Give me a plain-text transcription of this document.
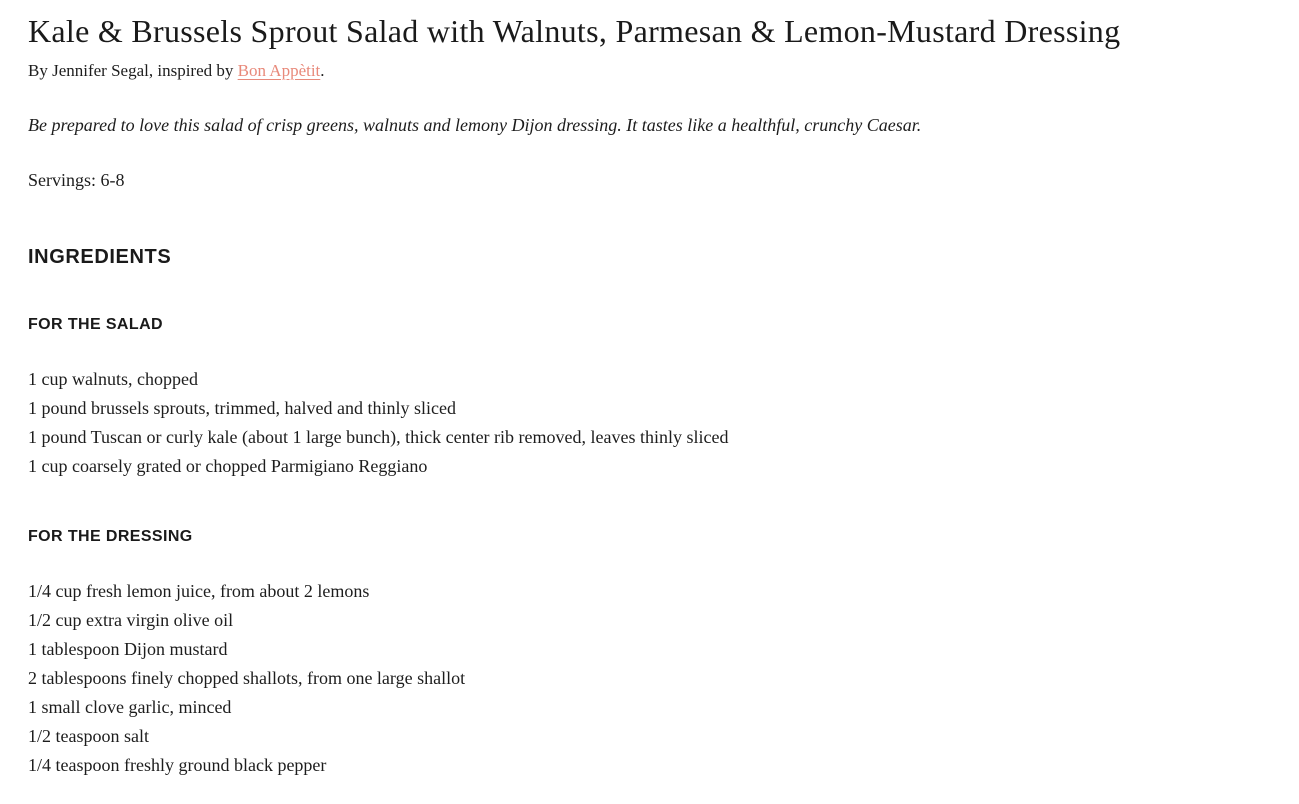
Kale & Brussels Sprout Salad with Walnuts, Parmesan & Lemon-Mustard Dressing

By Jennifer Segal, inspired by Bon Appètit.

Be prepared to love this salad of crisp greens, walnuts and lemony Dijon dressing. It tastes like a healthful, crunchy Caesar.

Servings: 6-8

INGREDIENTS
FOR THE SALAD
1 cup walnuts, chopped
1 pound brussels sprouts, trimmed, halved and thinly sliced
1 pound Tuscan or curly kale (about 1 large bunch), thick center rib removed, leaves thinly sliced
1 cup coarsely grated or chopped Parmigiano Reggiano
FOR THE DRESSING
1/4 cup fresh lemon juice, from about 2 lemons
1/2 cup extra virgin olive oil
1 tablespoon Dijon mustard
2 tablespoons finely chopped shallots, from one large shallot
1 small clove garlic, minced
1/2 teaspoon salt
1/4 teaspoon freshly ground black pepper
